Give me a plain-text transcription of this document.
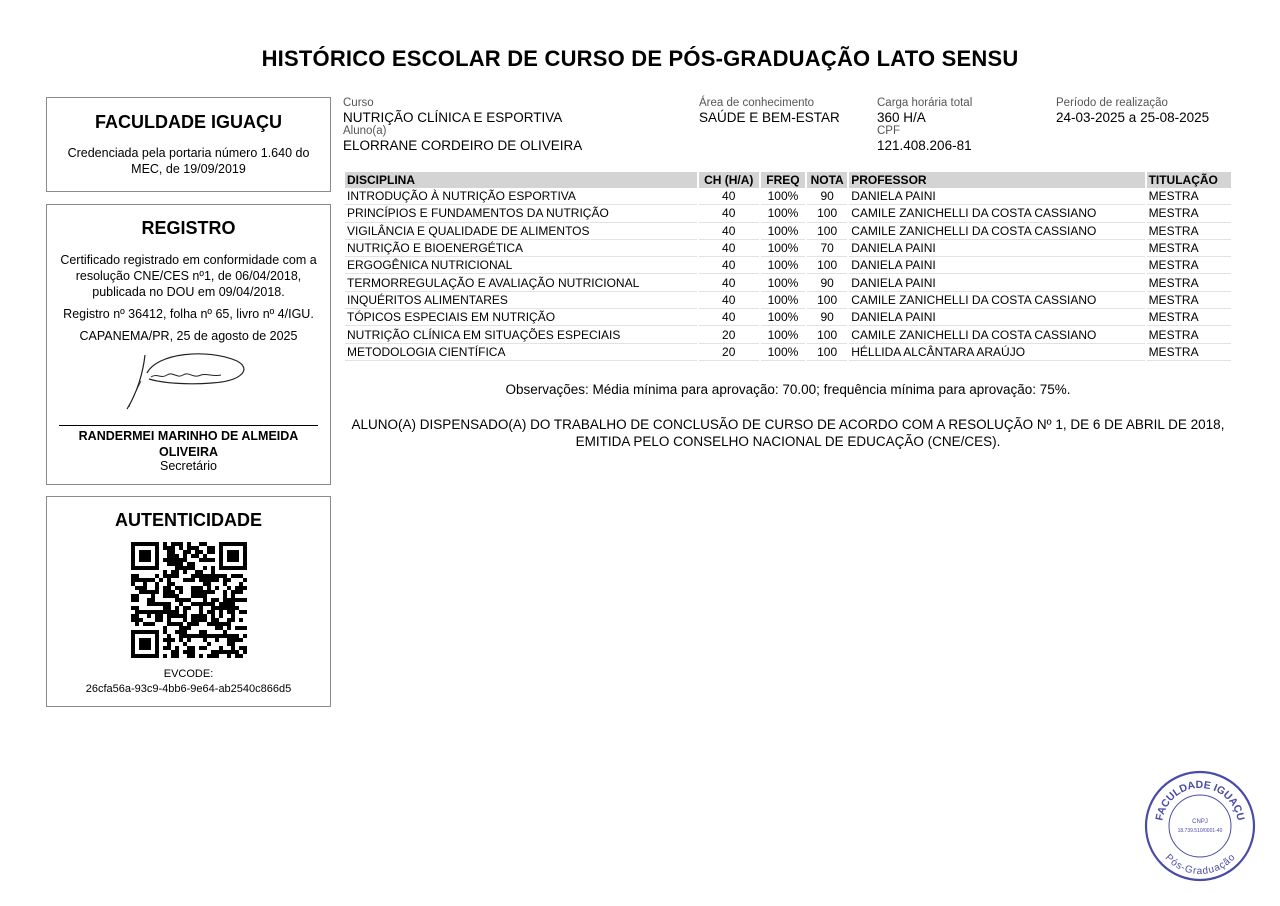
HISTÓRICO ESCOLAR DE CURSO DE PÓS-GRADUAÇÃO LATO SENSU
FACULDADE IGUAÇU
Credenciada pela portaria número 1.640 do MEC, de 19/09/2019
REGISTRO
Certificado registrado em conformidade com a resolução CNE/CES nº1, de 06/04/2018, publicada no DOU em 09/04/2018.
Registro nº 36412, folha nº 65, livro nº 4/IGU.
CAPANEMA/PR, 25 de agosto de 2025
RANDERMEI MARINHO DE ALMEIDA OLIVEIRA
Secretário
AUTENTICIDADE
EVCODE:
26cfa56a-93c9-4bb6-9e64-ab2540c866d5
Curso
NUTRIÇÃO CLÍNICA E ESPORTIVA
Área de conhecimento
SAÚDE E BEM-ESTAR
Carga horária total
360 H/A
Período de realização
24-03-2025 a 25-08-2025
Aluno(a)
ELORRANE CORDEIRO DE OLIVEIRA
CPF
121.408.206-81
DISCIPLINA	CH (H/A)	FREQ	NOTA	PROFESSOR	TITULAÇÃO
INTRODUÇÃO À NUTRIÇÃO ESPORTIVA	40	100%	90	DANIELA PAINI	MESTRA
PRINCÍPIOS E FUNDAMENTOS DA NUTRIÇÃO	40	100%	100	CAMILE ZANICHELLI DA COSTA CASSIANO	MESTRA
VIGILÂNCIA E QUALIDADE DE ALIMENTOS	40	100%	100	CAMILE ZANICHELLI DA COSTA CASSIANO	MESTRA
NUTRIÇÃO E BIOENERGÉTICA	40	100%	70	DANIELA PAINI	MESTRA
ERGOGÊNICA NUTRICIONAL	40	100%	100	DANIELA PAINI	MESTRA
TERMORREGULAÇÃO E AVALIAÇÃO NUTRICIONAL	40	100%	90	DANIELA PAINI	MESTRA
INQUÉRITOS ALIMENTARES	40	100%	100	CAMILE ZANICHELLI DA COSTA CASSIANO	MESTRA
TÓPICOS ESPECIAIS EM NUTRIÇÃO	40	100%	90	DANIELA PAINI	MESTRA
NUTRIÇÃO CLÍNICA EM SITUAÇÕES ESPECIAIS	20	100%	100	CAMILE ZANICHELLI DA COSTA CASSIANO	MESTRA
METODOLOGIA CIENTÍFICA	20	100%	100	HÉLLIDA ALCÂNTARA ARAÚJO	MESTRA
Observações: Média mínima para aprovação: 70.00; frequência mínima para aprovação: 75%.
ALUNO(A) DISPENSADO(A) DO TRABALHO DE CONCLUSÃO DE CURSO DE ACORDO COM A RESOLUÇÃO Nº 1, DE 6 DE ABRIL DE 2018, EMITIDA PELO CONSELHO NACIONAL DE EDUCAÇÃO (CNE/CES).
FACULDADE IGUAÇU
Pós-Graduação
CNPJ
18.739.510/0001-40
